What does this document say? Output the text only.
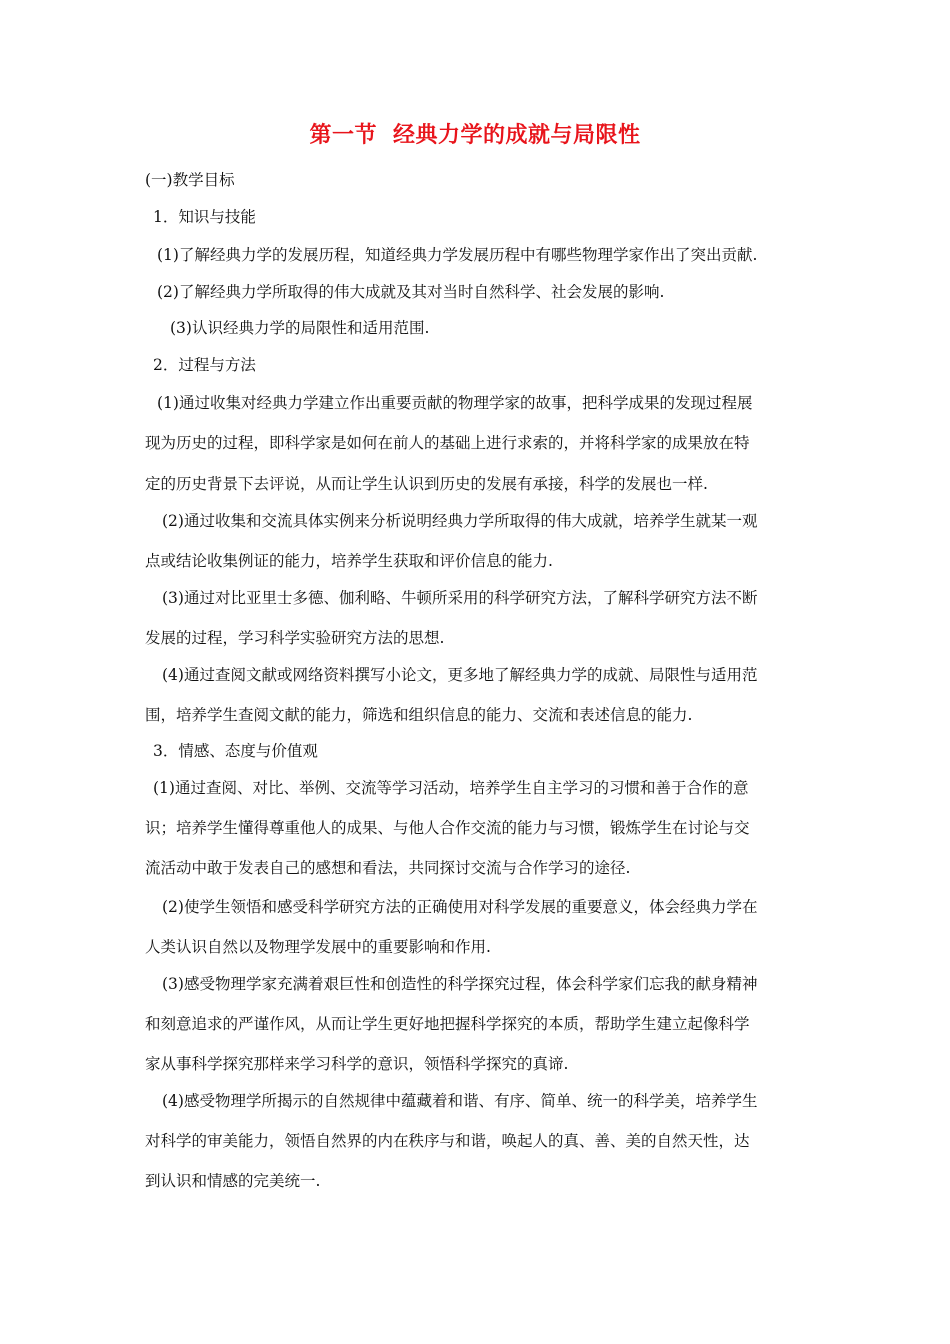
第一节 经典力学的成就与局限性
(一)教学目标
1．知识与技能
(1)了解经典力学的发展历程，知道经典力学发展历程中有哪些物理学家作出了突出贡献.
(2)了解经典力学所取得的伟大成就及其对当时自然科学、社会发展的影响.
(3)认识经典力学的局限性和适用范围.
2．过程与方法
(1)通过收集对经典力学建立作出重要贡献的物理学家的故事，把科学成果的发现过程展
现为历史的过程，即科学家是如何在前人的基础上进行求索的，并将科学家的成果放在特
定的历史背景下去评说，从而让学生认识到历史的发展有承接，科学的发展也一样.
(2)通过收集和交流具体实例来分析说明经典力学所取得的伟大成就，培养学生就某一观
点或结论收集例证的能力，培养学生获取和评价信息的能力.
(3)通过对比亚里士多德、伽利略、牛顿所采用的科学研究方法，了解科学研究方法不断
发展的过程，学习科学实验研究方法的思想.
(4)通过查阅文献或网络资料撰写小论文，更多地了解经典力学的成就、局限性与适用范
围，培养学生查阅文献的能力，筛选和组织信息的能力、交流和表述信息的能力.
3．情感、态度与价值观
(1)通过查阅、对比、举例、交流等学习活动，培养学生自主学习的习惯和善于合作的意
识；培养学生懂得尊重他人的成果、与他人合作交流的能力与习惯，锻炼学生在讨论与交
流活动中敢于发表自己的感想和看法，共同探讨交流与合作学习的途径.
(2)使学生领悟和感受科学研究方法的正确使用对科学发展的重要意义，体会经典力学在
人类认识自然以及物理学发展中的重要影响和作用.
(3)感受物理学家充满着艰巨性和创造性的科学探究过程，体会科学家们忘我的献身精神
和刻意追求的严谨作风，从而让学生更好地把握科学探究的本质，帮助学生建立起像科学
家从事科学探究那样来学习科学的意识，领悟科学探究的真谛.
(4)感受物理学所揭示的自然规律中蕴藏着和谐、有序、简单、统一的科学美，培养学生
对科学的审美能力，领悟自然界的内在秩序与和谐，唤起人的真、善、美的自然天性，达
到认识和情感的完美统一.
